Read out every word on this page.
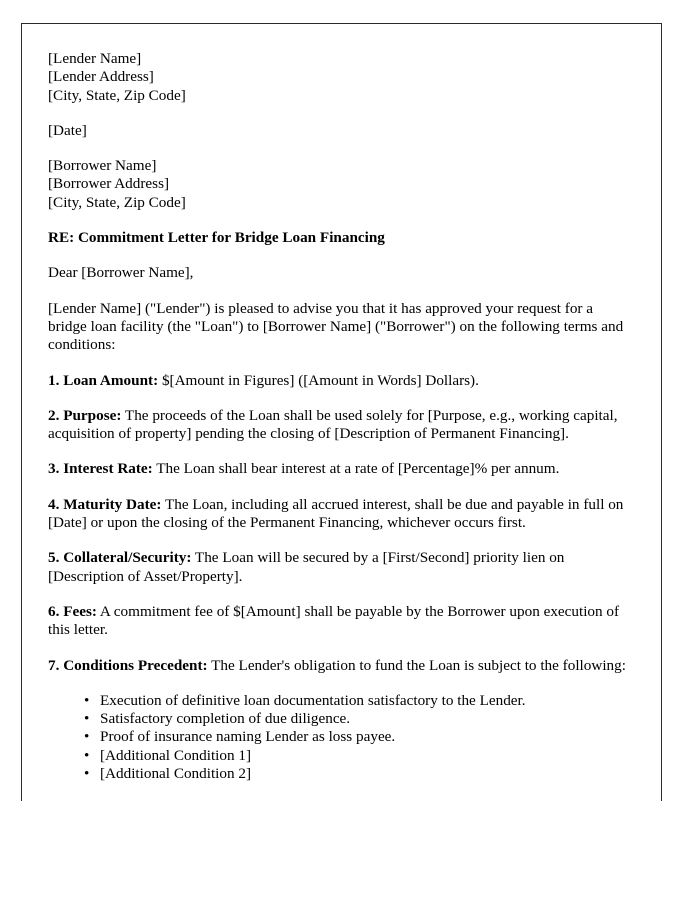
[Lender Name]
[Lender Address]
[City, State, Zip Code]
[Date]
[Borrower Name]
[Borrower Address]
[City, State, Zip Code]

RE: Commitment Letter for Bridge Loan Financing

Dear [Borrower Name],

[Lender Name] ("Lender") is pleased to advise you that it has approved your request for a bridge loan facility (the "Loan") to [Borrower Name] ("Borrower") on the following terms and conditions:

1. Loan Amount: $[Amount in Figures] ([Amount in Words] Dollars).

2. Purpose: The proceeds of the Loan shall be used solely for [Purpose, e.g., working capital, acquisition of property] pending the closing of [Description of Permanent Financing].

3. Interest Rate: The Loan shall bear interest at a rate of [Percentage]% per annum.

4. Maturity Date: The Loan, including all accrued interest, shall be due and payable in full on [Date] or upon the closing of the Permanent Financing, whichever occurs first.

5. Collateral/Security: The Loan will be secured by a [First/Second] priority lien on [Description of Asset/Property].

6. Fees: A commitment fee of $[Amount] shall be payable by the Borrower upon execution of this letter.

7. Conditions Precedent: The Lender's obligation to fund the Loan is subject to the following:

• Execution of definitive loan documentation satisfactory to the Lender.
• Satisfactory completion of due diligence.
• Proof of insurance naming Lender as loss payee.
• [Additional Condition 1]
• [Additional Condition 2]
